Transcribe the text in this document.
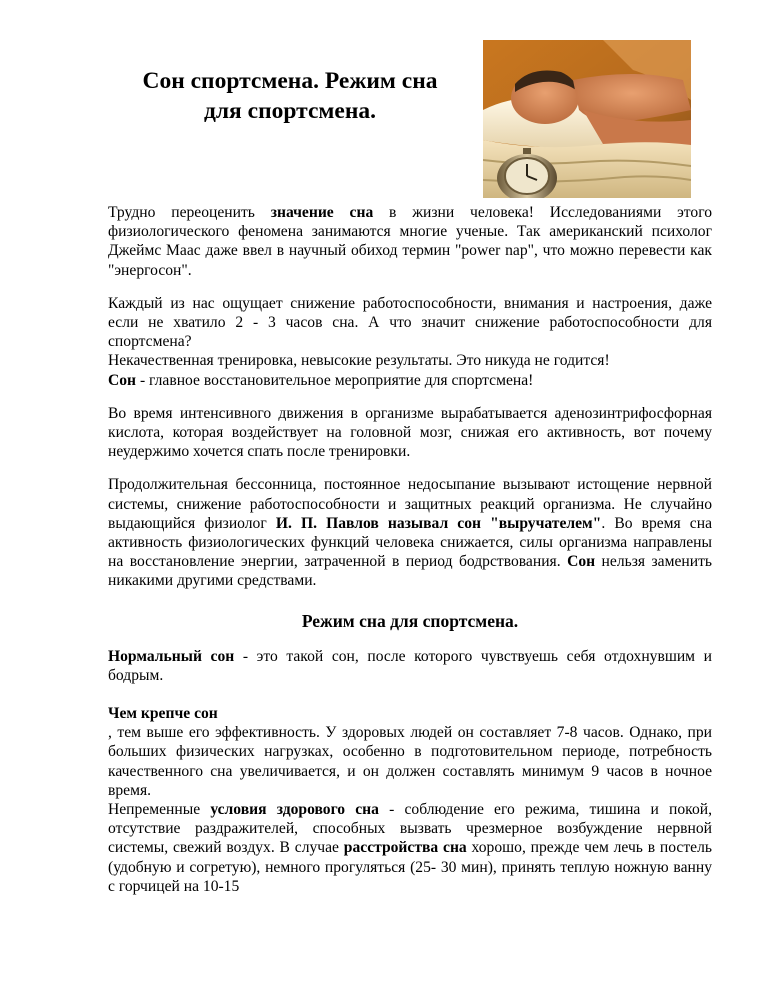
Сон спортсмена. Режим сна
для спортсмена.

Трудно переоценить значение сна в жизни человека! Исследованиями этого физиологического феномена занимаются многие ученые. Так американский психолог Джеймс Маас даже ввел в научный обиход термин "power nap", что можно перевести как "энергосон".

Каждый из нас ощущает снижение работоспособности, внимания и настроения, даже если не хватило 2 - 3 часов сна. А что значит снижение работоспособности для спортсмена?
Некачественная тренировка, невысокие результаты. Это никуда не годится!
Сон - главное восстановительное мероприятие для спортсмена!

Во время интенсивного движения в организме вырабатывается аденозинтрифосфорная кислота, которая воздействует на головной мозг, снижая его активность, вот почему неудержимо хочется спать после тренировки.

Продолжительная бессонница, постоянное недосыпание вызывают истощение нервной системы, снижение работоспособности и защитных реакций организма. Не случайно выдающийся физиолог И. П. Павлов называл сон "выручателем". Во время сна активность физиологических функций человека снижается, силы организма направлены на восстановление энергии, затраченной в период бодрствования. Сон нельзя заменить никакими другими средствами.

Режим сна для спортсмена.

Нормальный сон - это такой сон, после которого чувствуешь себя отдохнувшим и бодрым.

Чем крепче сон
, тем выше его эффективность. У здоровых людей он составляет 7-8 часов. Однако, при больших физических нагрузках, особенно в подготовительном периоде, потребность качественного сна увеличивается, и он должен составлять минимум 9 часов в ночное время.
Непременные условия здорового сна - соблюдение его режима, тишина и покой, отсутствие раздражителей, способных вызвать чрезмерное возбуждение нервной системы, свежий воздух. В случае расстройства сна хорошо, прежде чем лечь в постель (удобную и согретую), немного прогуляться (25- 30 мин), принять теплую ножную ванну с горчицей на 10-15
